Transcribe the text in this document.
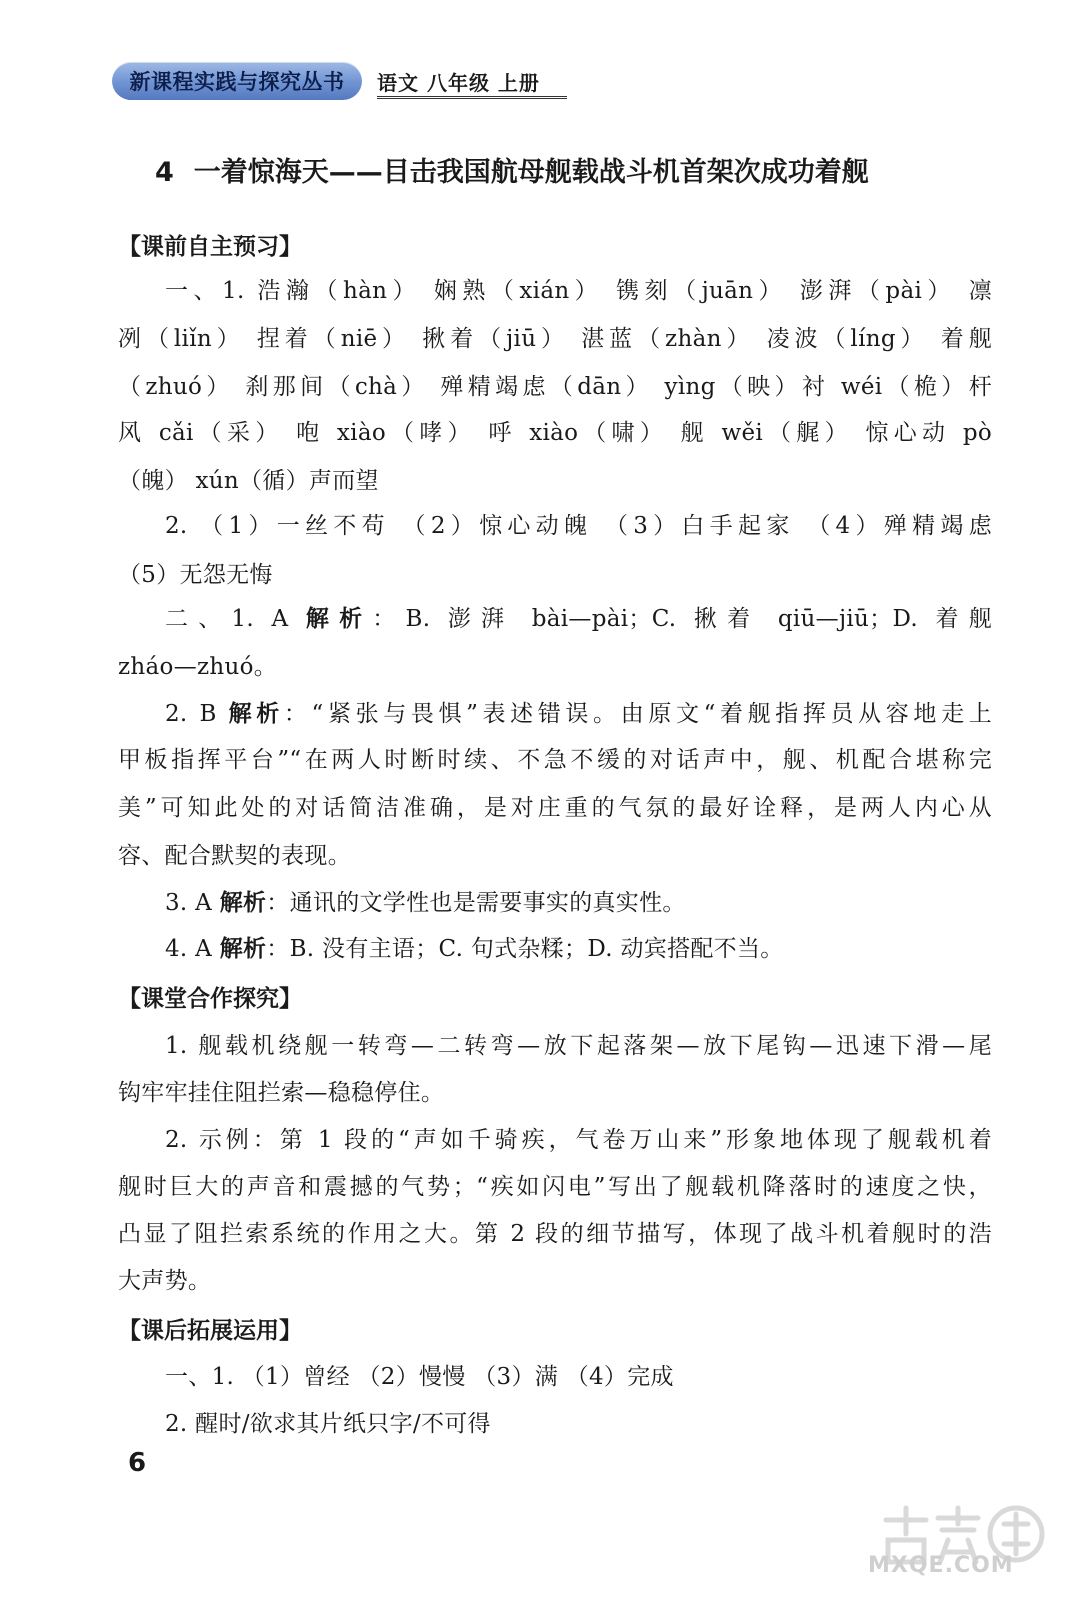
新课程实践与探究丛书 语文 八年级 上册
4 一着惊海天——目击我国航母舰载战斗机首架次成功着舰
【课前自主预习】
一、1. 浩瀚（hàn） 娴熟（xián） 镌刻（juān） 澎湃（pài） 凛
冽（liǐn） 捏着（niē） 揪着（jiū） 湛蓝（zhàn） 凌波（líng） 着舰
（zhuó） 刹那间（chà） 殚精竭虑（dān） yìng（映）衬 wéi（桅）杆
风 cǎi（采） 咆 xiào（哮） 呼 xiào（啸） 舰 wěi（艉） 惊心动 pò
（魄） xún（循）声而望
2. （1）一丝不苟 （2）惊心动魄 （3）白手起家 （4）殚精竭虑
（5）无怨无悔
二、1. A 解析：B. 澎湃 bài—pài；C. 揪着 qiū—jiū；D. 着舰
zháo—zhuó。
2. B 解析：“紧张与畏惧”表述错误。由原文“着舰指挥员从容地走上
甲板指挥平台”“在两人时断时续、不急不缓的对话声中，舰、机配合堪称完
美”可知此处的对话简洁准确，是对庄重的气氛的最好诠释，是两人内心从
容、配合默契的表现。
3. A 解析：通讯的文学性也是需要事实的真实性。
4. A 解析：B. 没有主语；C. 句式杂糅；D. 动宾搭配不当。
【课堂合作探究】
1. 舰载机绕舰一转弯—二转弯—放下起落架—放下尾钩—迅速下滑—尾
钩牢牢挂住阻拦索—稳稳停住。
2. 示例：第 1 段的“声如千骑疾，气卷万山来”形象地体现了舰载机着
舰时巨大的声音和震撼的气势；“疾如闪电”写出了舰载机降落时的速度之快，
凸显了阻拦索系统的作用之大。第 2 段的细节描写，体现了战斗机着舰时的浩
大声势。
【课后拓展运用】
一、1. （1）曾经 （2）慢慢 （3）满 （4）完成
2. 醒时/欲求其片纸只字/不可得
6
MXQE.COM
